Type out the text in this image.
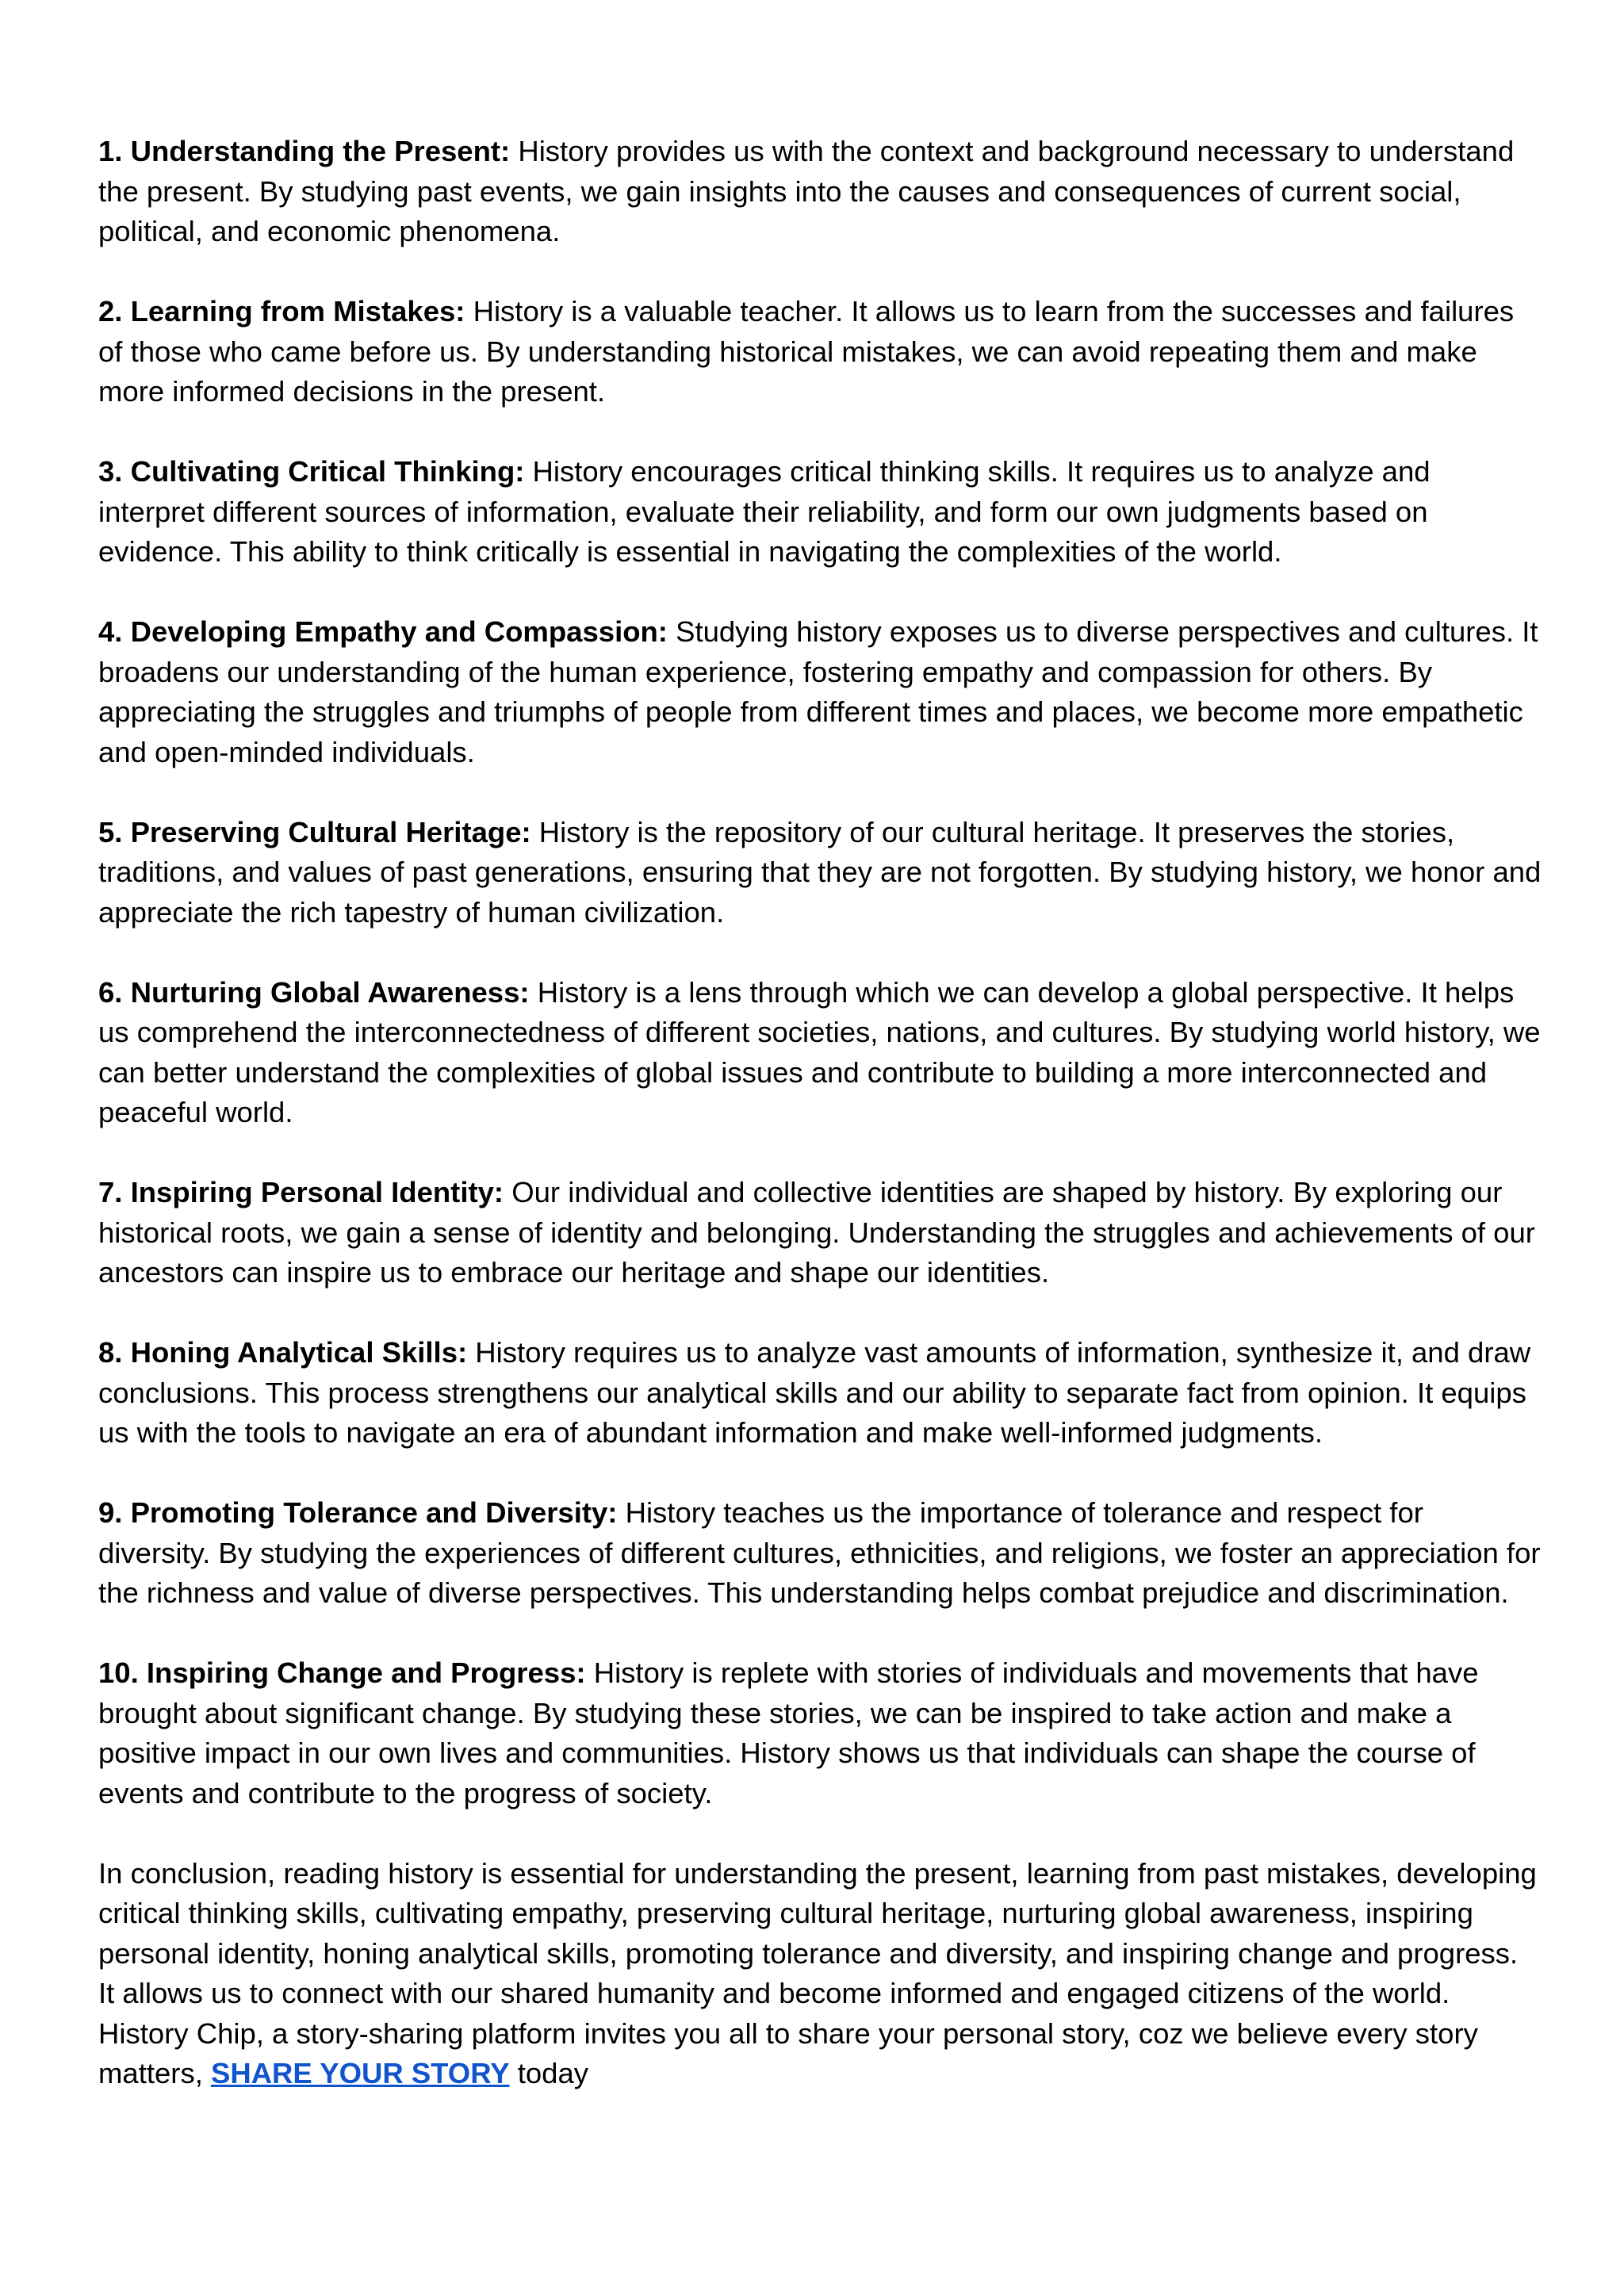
1. Understanding the Present: History provides us with the context and background necessary to understand the present. By studying past events, we gain insights into the causes and consequences of current social, political, and economic phenomena.

2. Learning from Mistakes: History is a valuable teacher. It allows us to learn from the successes and failures of those who came before us. By understanding historical mistakes, we can avoid repeating them and make more informed decisions in the present.

3. Cultivating Critical Thinking: History encourages critical thinking skills. It requires us to analyze and interpret different sources of information, evaluate their reliability, and form our own judgments based on evidence. This ability to think critically is essential in navigating the complexities of the world.

4. Developing Empathy and Compassion: Studying history exposes us to diverse perspectives and cultures. It broadens our understanding of the human experience, fostering empathy and compassion for others. By appreciating the struggles and triumphs of people from different times and places, we become more empathetic and open-minded individuals.

5. Preserving Cultural Heritage: History is the repository of our cultural heritage. It preserves the stories, traditions, and values of past generations, ensuring that they are not forgotten. By studying history, we honor and appreciate the rich tapestry of human civilization.

6. Nurturing Global Awareness: History is a lens through which we can develop a global perspective. It helps us comprehend the interconnectedness of different societies, nations, and cultures. By studying world history, we can better understand the complexities of global issues and contribute to building a more interconnected and peaceful world.

7. Inspiring Personal Identity: Our individual and collective identities are shaped by history. By exploring our historical roots, we gain a sense of identity and belonging. Understanding the struggles and achievements of our ancestors can inspire us to embrace our heritage and shape our identities.

8. Honing Analytical Skills: History requires us to analyze vast amounts of information, synthesize it, and draw conclusions. This process strengthens our analytical skills and our ability to separate fact from opinion. It equips us with the tools to navigate an era of abundant information and make well-informed judgments.

9. Promoting Tolerance and Diversity: History teaches us the importance of tolerance and respect for diversity. By studying the experiences of different cultures, ethnicities, and religions, we foster an appreciation for the richness and value of diverse perspectives. This understanding helps combat prejudice and discrimination.

10. Inspiring Change and Progress: History is replete with stories of individuals and movements that have brought about significant change. By studying these stories, we can be inspired to take action and make a positive impact in our own lives and communities. History shows us that individuals can shape the course of events and contribute to the progress of society.

In conclusion, reading history is essential for understanding the present, learning from past mistakes, developing critical thinking skills, cultivating empathy, preserving cultural heritage, nurturing global awareness, inspiring personal identity, honing analytical skills, promoting tolerance and diversity, and inspiring change and progress. It allows us to connect with our shared humanity and become informed and engaged citizens of the world. History Chip, a story-sharing platform invites you all to share your personal story, coz we believe every story matters, SHARE YOUR STORY today
